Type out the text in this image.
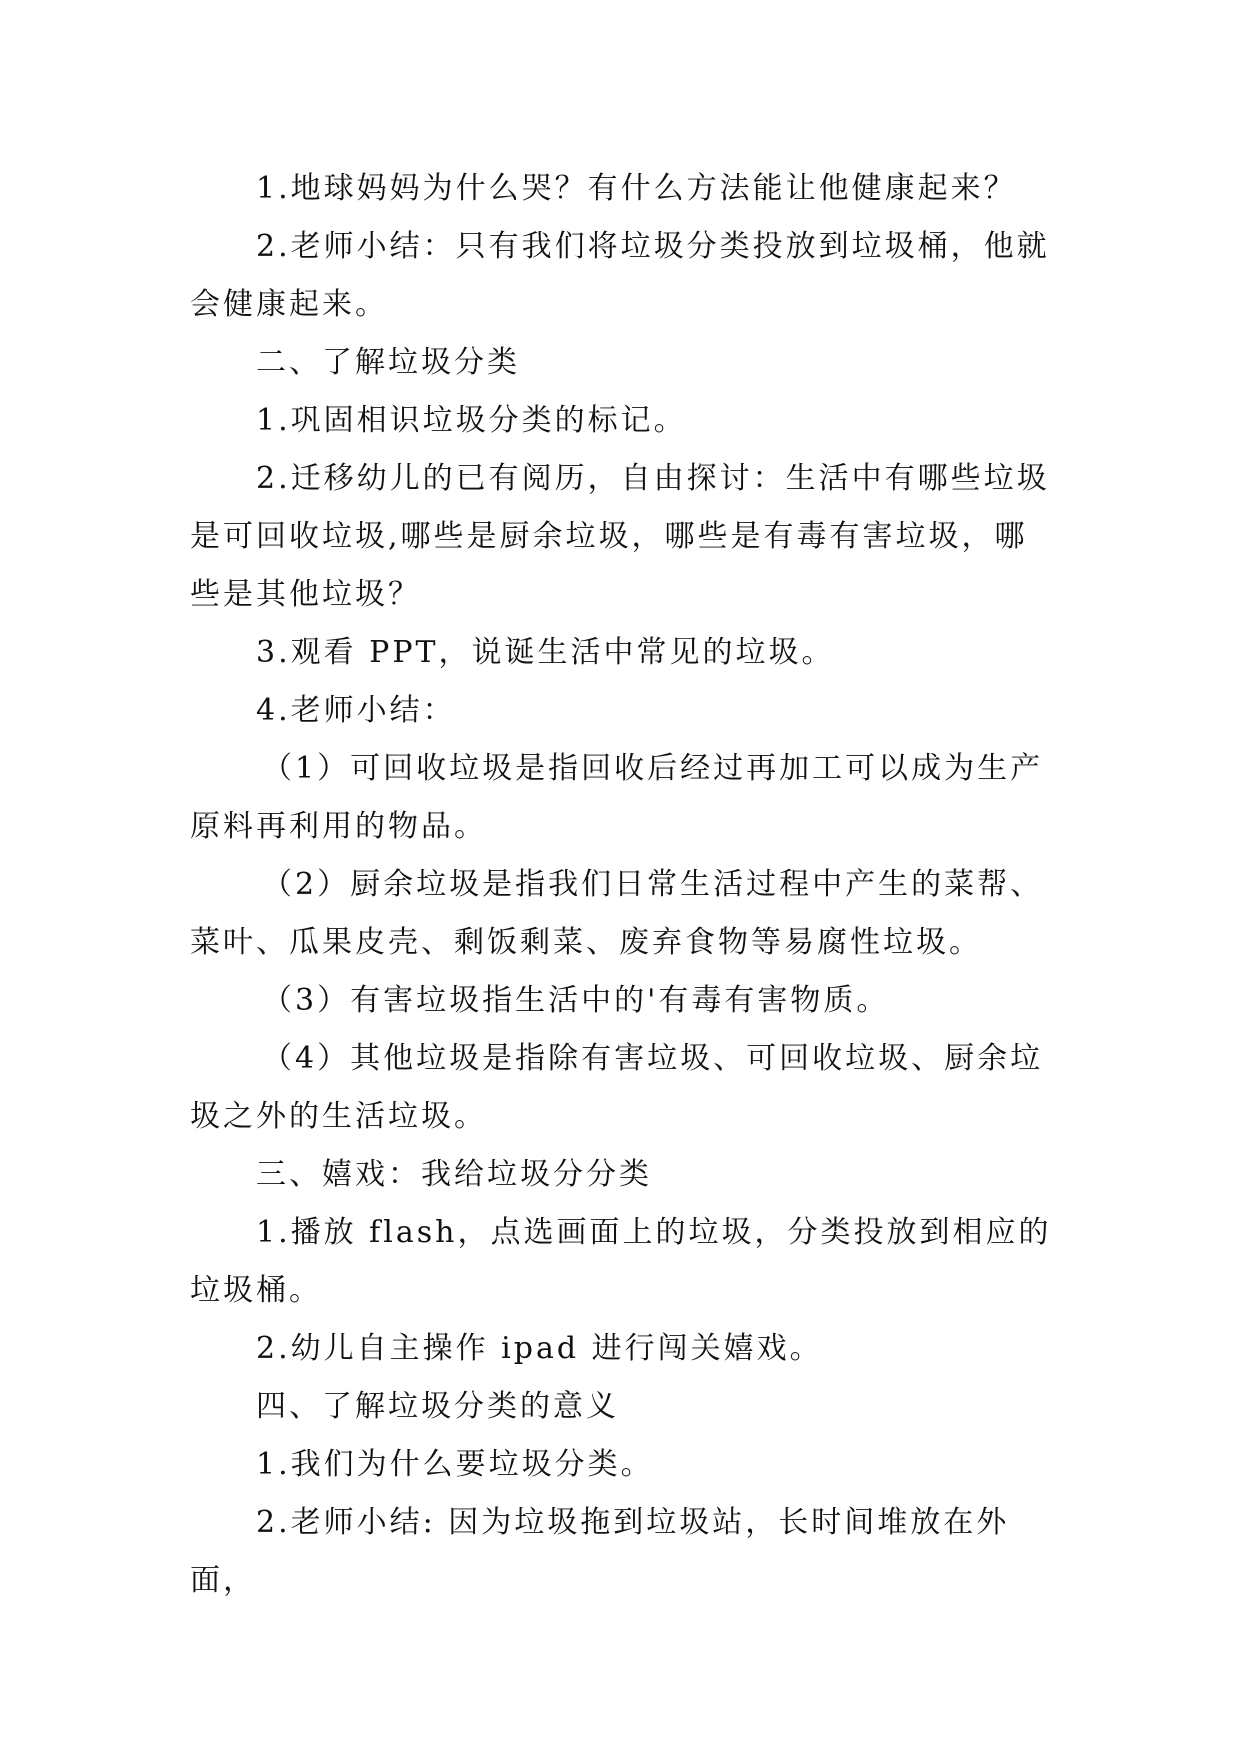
1.地球妈妈为什么哭？有什么方法能让他健康起来？

2.老师小结：只有我们将垃圾分类投放到垃圾桶，他就会健康起来。

二、了解垃圾分类

1.巩固相识垃圾分类的标记。

2.迁移幼儿的已有阅历，自由探讨：生活中有哪些垃圾是可回收垃圾,哪些是厨余垃圾，哪些是有毒有害垃圾，哪些是其他垃圾？

3.观看 PPT，说诞生活中常见的垃圾。

4.老师小结：

（1）可回收垃圾是指回收后经过再加工可以成为生产原料再利用的物品。

（2）厨余垃圾是指我们日常生活过程中产生的菜帮、菜叶、瓜果皮壳、剩饭剩菜、废弃食物等易腐性垃圾。

（3）有害垃圾指生活中的'有毒有害物质。

（4）其他垃圾是指除有害垃圾、可回收垃圾、厨余垃圾之外的生活垃圾。

三、嬉戏：我给垃圾分分类

1.播放 flash，点选画面上的垃圾，分类投放到相应的垃圾桶。

2.幼儿自主操作 ipad 进行闯关嬉戏。

四、了解垃圾分类的意义

1.我们为什么要垃圾分类。

2.老师小结: 因为垃圾拖到垃圾站，长时间堆放在外面，
